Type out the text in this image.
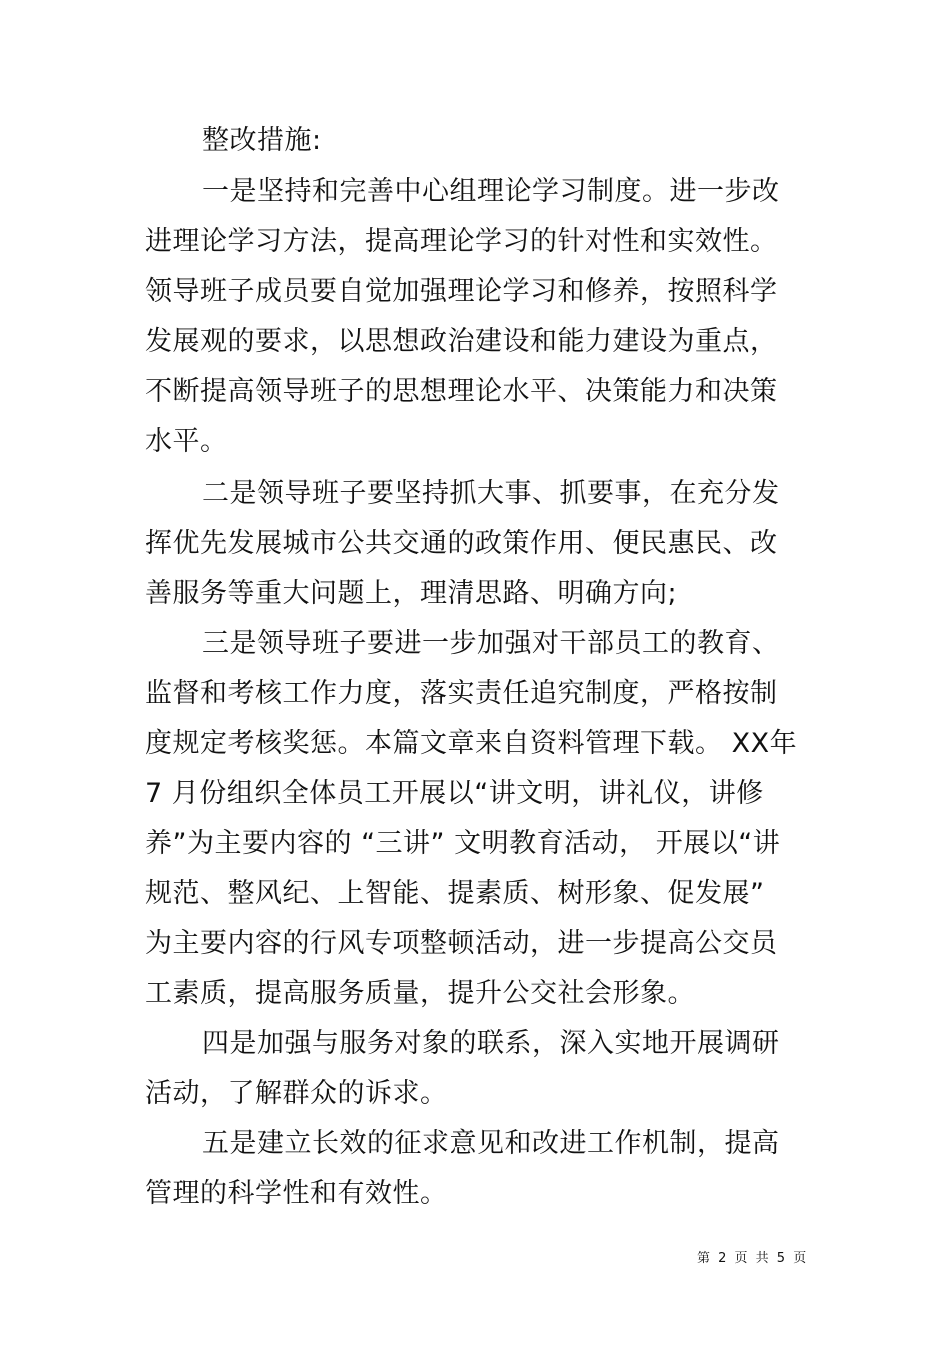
整改措施:
一是坚持和完善中心组理论学习制度。进一步改
进理论学习方法，提高理论学习的针对性和实效性。
领导班子成员要自觉加强理论学习和修养，按照科学
发展观的要求，以思想政治建设和能力建设为重点，
不断提高领导班子的思想理论水平、决策能力和决策
水平。
二是领导班子要坚持抓大事、抓要事，在充分发
挥优先发展城市公共交通的政策作用、便民惠民、改
善服务等重大问题上，理清思路、明确方向;
三是领导班子要进一步加强对干部员工的教育、
监督和考核工作力度，落实责任追究制度，严格按制
度规定考核奖惩。本篇文章来自资料管理下载。 XX年
7 月份组织全体员工开展以“讲文明，讲礼仪，讲修
养”为主要内容的 “三讲” 文明教育活动， 开展以“讲
规范、整风纪、上智能、提素质、树形象、促发展”
为主要内容的行风专项整顿活动，进一步提高公交员
工素质，提高服务质量，提升公交社会形象。
四是加强与服务对象的联系，深入实地开展调研
活动，了解群众的诉求。
五是建立长效的征求意见和改进工作机制，提高
管理的科学性和有效性。
第 2 页 共 5 页
